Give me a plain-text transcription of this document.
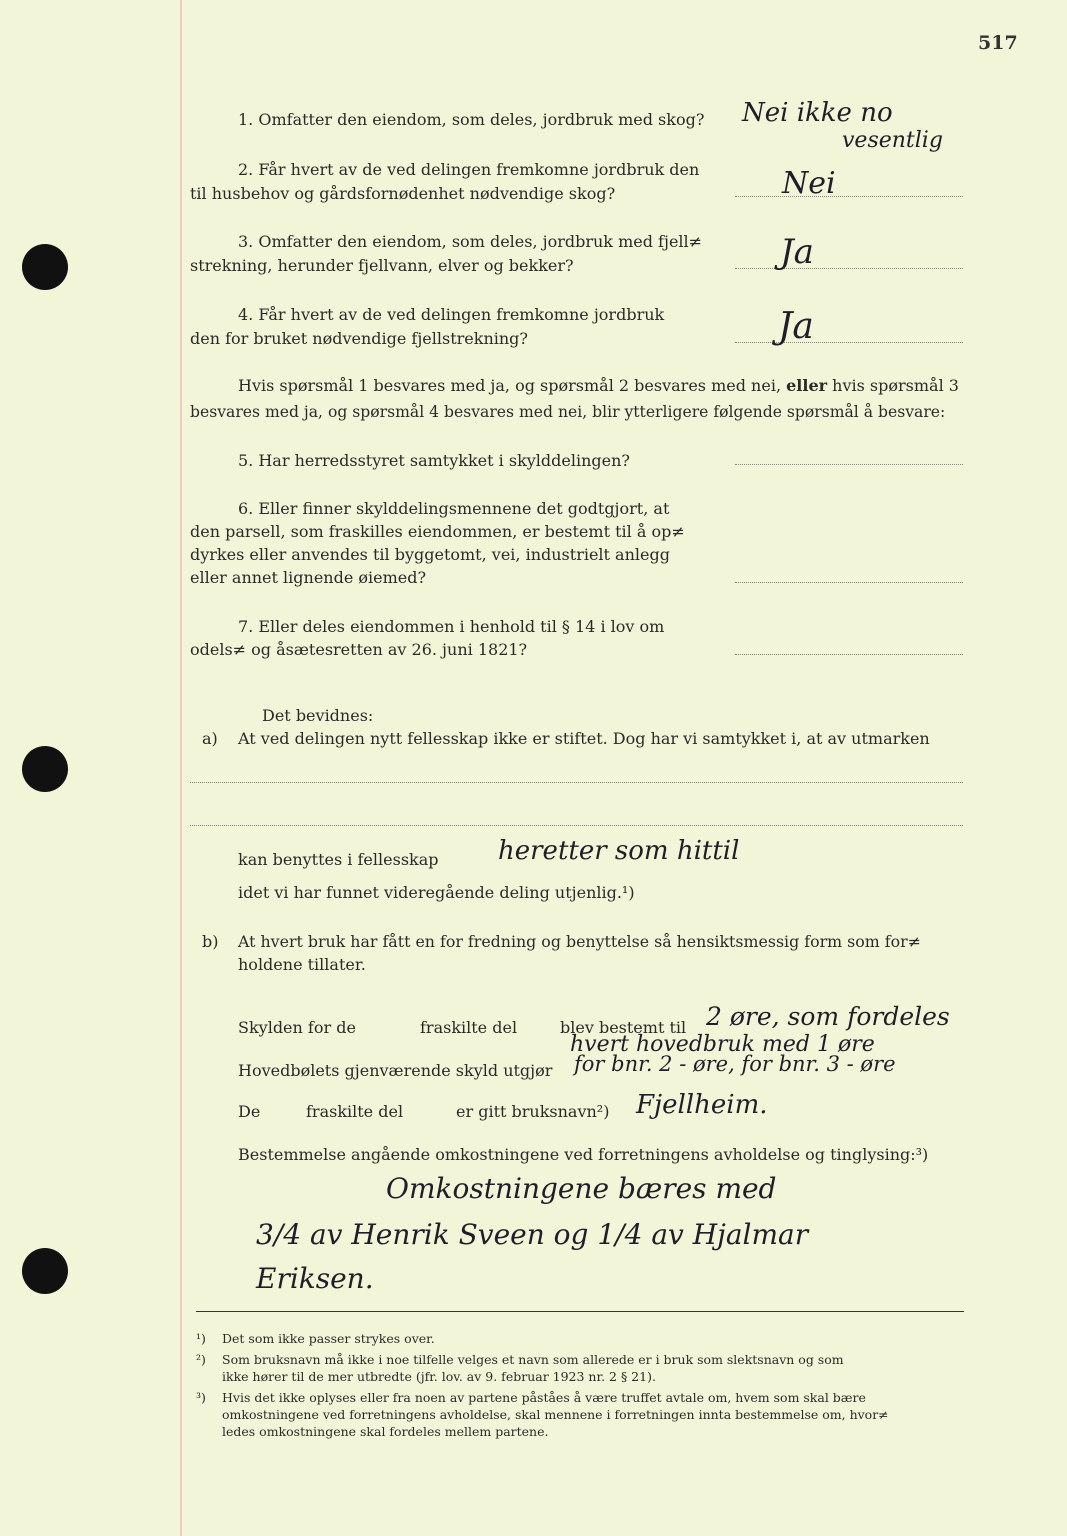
517
1. Omfatter den eiendom, som deles, jordbruk med skog? Nei ikke no
vesentlig
2. Får hvert av de ved delingen fremkomne jordbruk den
til husbehov og gårdsfornødenhet nødvendige skog?	Nei
3. Omfatter den eiendom, som deles, jordbruk med fjell≠
strekning, herunder fjellvann, elver og bekker?	Ja
4. Får hvert av de ved delingen fremkomne jordbruk
den for bruket nødvendige fjellstrekning?	Ja
Hvis spørsmål 1 besvares med ja, og spørsmål 2 besvares med nei, eller hvis spørsmål 3
besvares med ja, og spørsmål 4 besvares med nei, blir ytterligere følgende spørsmål å besvare:
5. Har herredsstyret samtykket i skylddelingen?
6. Eller finner skylddelingsmennene det godtgjort, at
den parsell, som fraskilles eiendommen, er bestemt til å op≠
dyrkes eller anvendes til byggetomt, vei, industrielt anlegg
eller annet lignende øiemed?
7. Eller deles eiendommen i henhold til § 14 i lov om
odels≠ og åsætesretten av 26. juni 1821?
Det bevidnes:
a) At ved delingen nytt fellesskap ikke er stiftet. Dog har vi samtykket i, at av utmarken
kan benyttes i fellesskap heretter som hittil
idet vi har funnet videregående deling utjenlig.¹)
b) At hvert bruk har fått en for fredning og benyttelse så hensiktsmessig form som for≠
holdene tillater.
Skylden for de	fraskilte del	blev bestemt til 2 øre, som fordeles
hvert hovedbruk med 1 øre
Hovedbølets gjenværende skyld utgjør for bnr. 2 - øre, for bnr. 3 - øre
De	fraskilte del	er gitt bruksnavn²) Fjellheim.
Bestemmelse angående omkostningene ved forretningens avholdelse og tinglysing:³)
Omkostningene bæres med
3/4 av Henrik Sveen og 1/4 av Hjalmar
Eriksen.
¹) Det som ikke passer strykes over.
²) Som bruksnavn må ikke i noe tilfelle velges et navn som allerede er i bruk som slektsnavn og som
ikke hører til de mer utbredte (jfr. lov. av 9. februar 1923 nr. 2 § 21).
³) Hvis det ikke oplyses eller fra noen av partene påståes å være truffet avtale om, hvem som skal bære
omkostningene ved forretningens avholdelse, skal mennene i forretningen innta bestemmelse om, hvor≠
ledes omkostningene skal fordeles mellem partene.
